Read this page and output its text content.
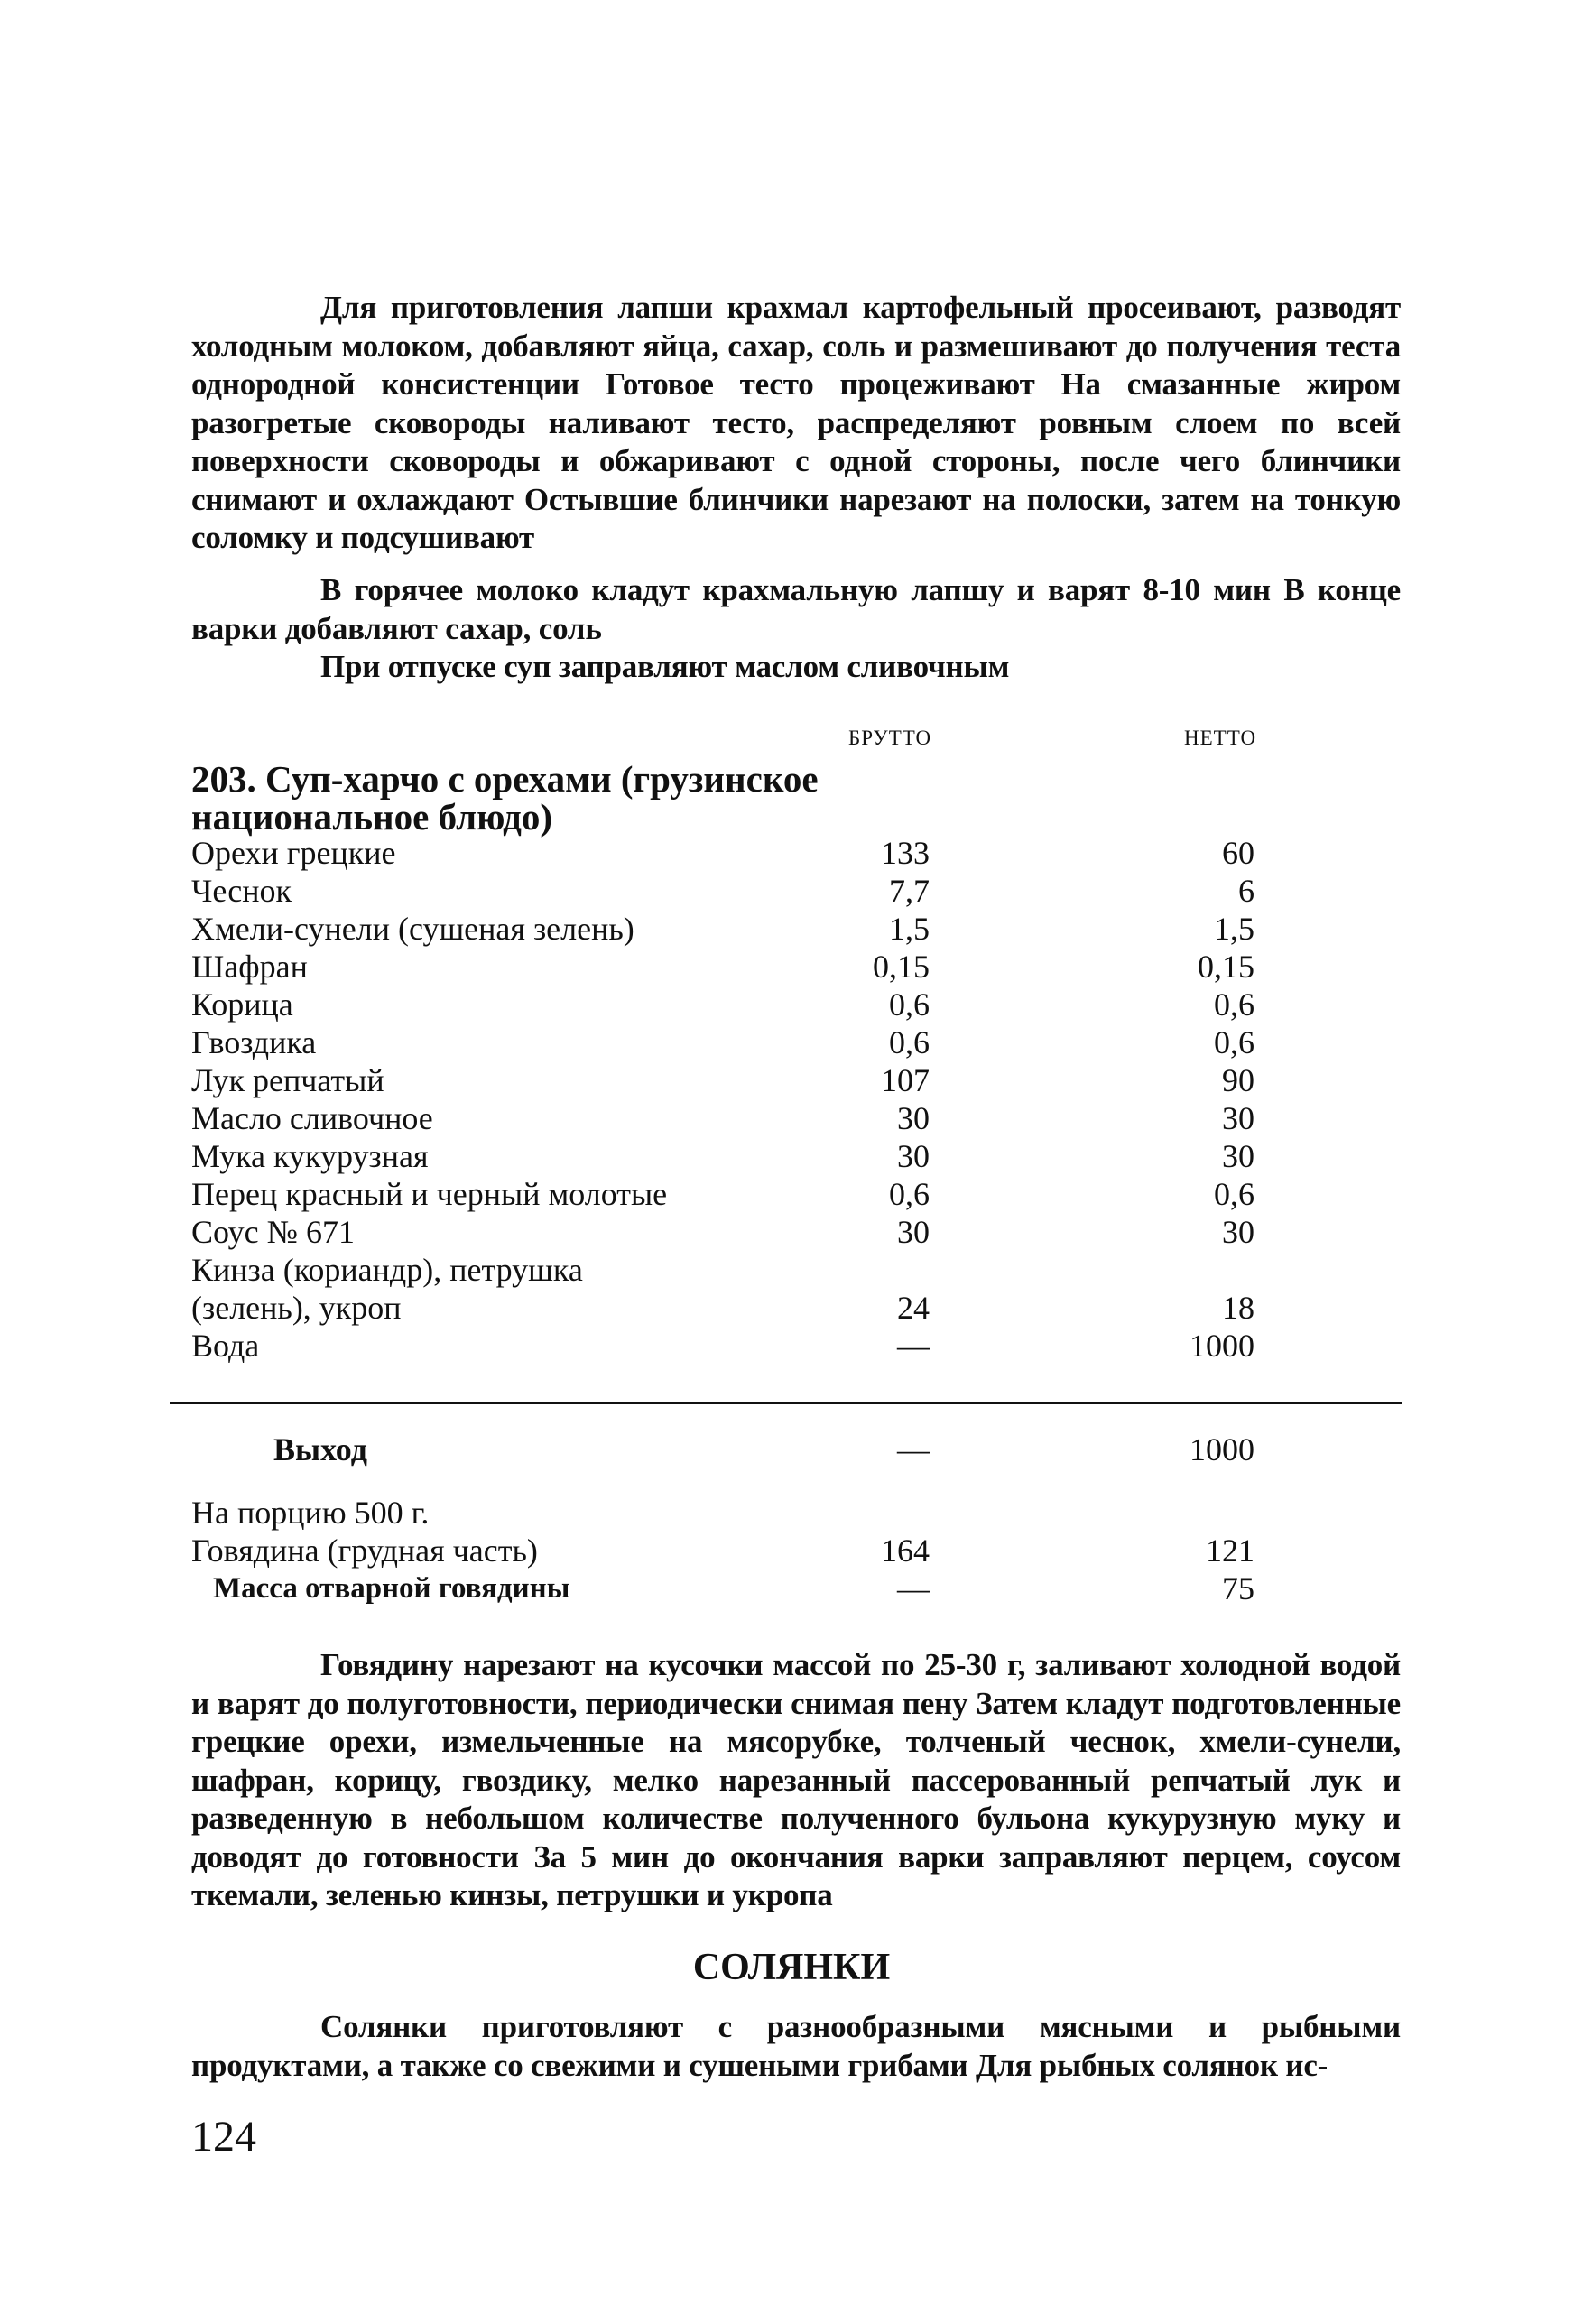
Для приготовления лапши крахмал картофельный просеивают, разводят холодным молоком, добавляют яйца, сахар, соль и размешивают до получения теста однородной консистенции Готовое тесто процеживают На смазанные жиром разогретые сковороды наливают тесто, распределяют ровным слоем по всей поверхности сковороды и обжаривают с одной стороны, после чего блинчики снимают и охлаждают Остывшие блинчики нарезают на полоски, затем на тонкую соломку и подсушивают

В горячее молоко кладут крахмальную лапшу и варят 8-10 мин В конце варки добавляют сахар, соль

При отпуске суп заправляют маслом сливочным

БРУТТО	НЕТТО
203. Суп-харчо с орехами (грузинское национальное блюдо)
Орехи грецкие	133	60
Чеснок	7,7	6
Хмели-сунели (сушеная зелень)	1,5	1,5
Шафран	0,15	0,15
Корица	0,6	0,6
Гвоздика	0,6	0,6
Лук репчатый	107	90
Масло сливочное	30	30
Мука кукурузная	30	30
Перец красный и черный молотые	0,6	0,6
Соус № 671	30	30
Кинза (кориандр), петрушка
(зелень), укроп	24	18
Вода	—	1000
Выход	—	1000
На порцию 500 г.
Говядина (грудная часть)	164	121
Масса отварной говядины	—	75

Говядину нарезают на кусочки массой по 25-30 г, заливают холодной водой и варят до полуготовности, периодически снимая пену Затем кладут подготовленные грецкие орехи, измельченные на мясорубке, толченый чеснок, хмели-сунели, шафран, корицу, гвоздику, мелко нарезанный пассерованный репчатый лук и разведенную в небольшом количестве полученного бульона кукурузную муку и доводят до готовности За 5 мин до окончания варки заправляют перцем, соусом ткемали, зеленью кинзы, петрушки и укропа

СОЛЯНКИ

Солянки приготовляют с разнообразными мясными и рыбными продуктами, а также со свежими и сушеными грибами Для рыбных солянок ис-

124
